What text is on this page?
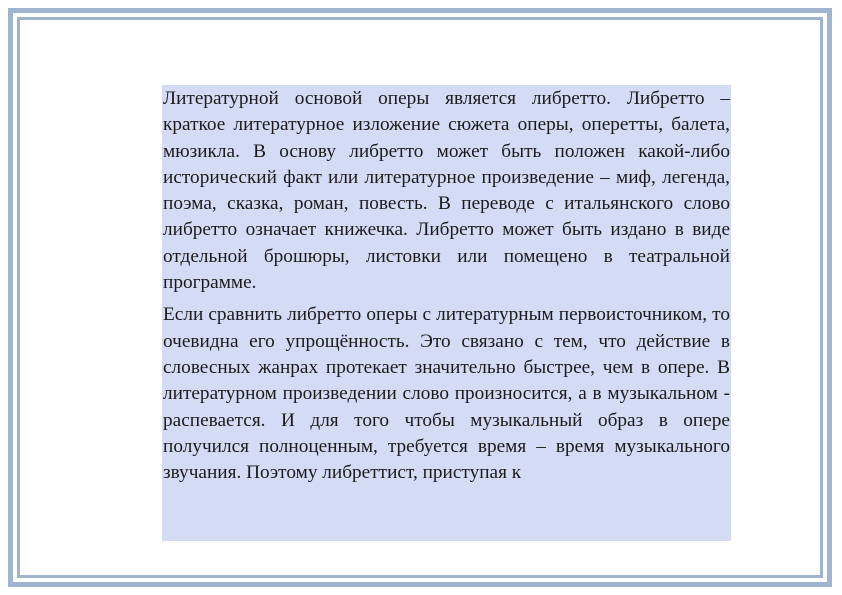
Литературной основой оперы является либретто. Либретто – краткое литературное изложение сюжета оперы, оперетты, балета, мюзикла. В основу либретто может быть положен какой-либо исторический факт или литературное произведение – миф, легенда, поэма, сказка, роман, повесть. В переводе с итальянского слово либретто означает книжечка. Либретто может быть издано в виде отдельной брошюры, листовки или помещено в театральной программе.

Если сравнить либретто оперы с литературным первоисточником, то очевидна его упрощённость. Это связано с тем, что действие в словесных жанрах протекает значительно быстрее, чем в опере. В литературном произведении слово произносится, а в музыкальном - распевается. И для того чтобы музыкальный образ в опере получился полноценным, требуется время – время музыкального звучания. Поэтому либреттист, приступая к
